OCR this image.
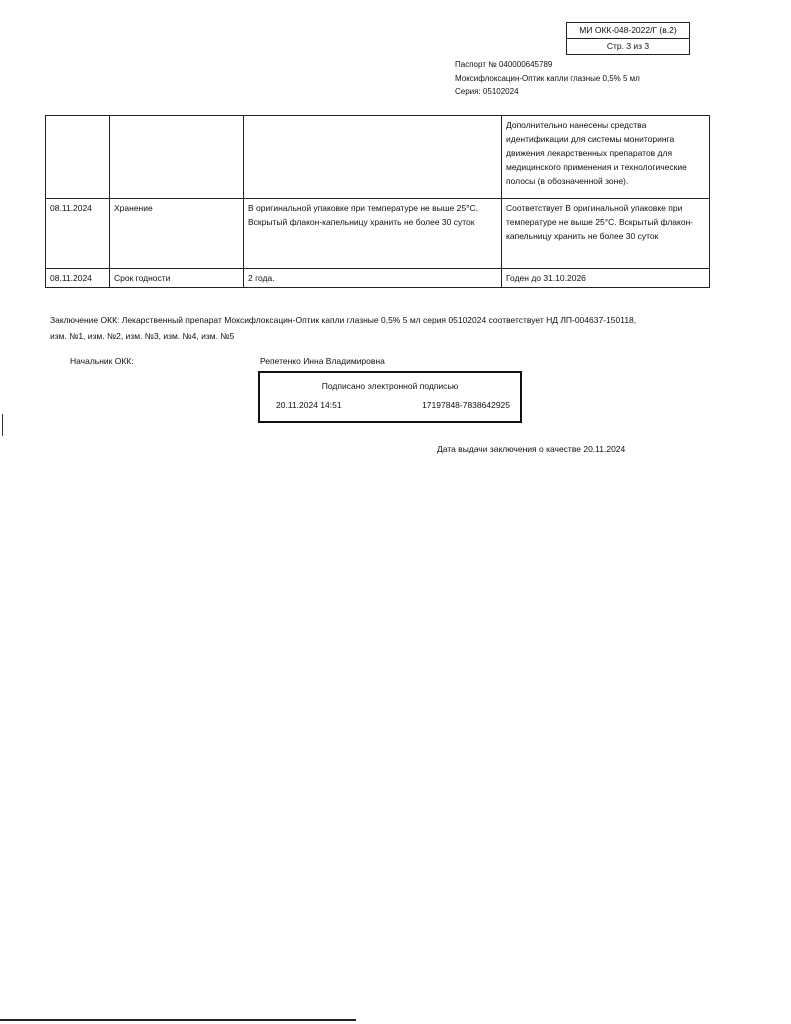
МИ ОКК-048-2022/Г (в.2)
Стр. 3 из 3
Паспорт № 040000645789
Моксифлоксацин-Оптик капли глазные 0,5% 5 мл
Серия: 05102024
			Дополнительно нанесены средства идентификации для системы мониторинга движения лекарственных препаратов для медицинского применения и технологические полосы (в обозначенной зоне).
08.11.2024	Хранение	В оригинальной упаковке при температуре не выше 25°С. Вскрытый флакон-капельницу хранить не более 30 суток	Соответствует В оригинальной упаковке при температуре не выше 25°С. Вскрытый флакон-капельницу хранить не более 30 суток
08.11.2024	Срок годности	2 года.	Годен до 31.10.2026
Заключение ОКК: Лекарственный препарат Моксифлоксацин-Оптик капли глазные 0,5% 5 мл серия 05102024 соответствует НД ЛП-004637-150118, изм. №1, изм. №2, изм. №3, изм. №4, изм. №5
Начальник ОКК:	Репетенко Инна Владимировна
Подписано электронной подписью
20.11.2024 14:51	17197848-7838642925
Дата выдачи заключения о качестве 20.11.2024
